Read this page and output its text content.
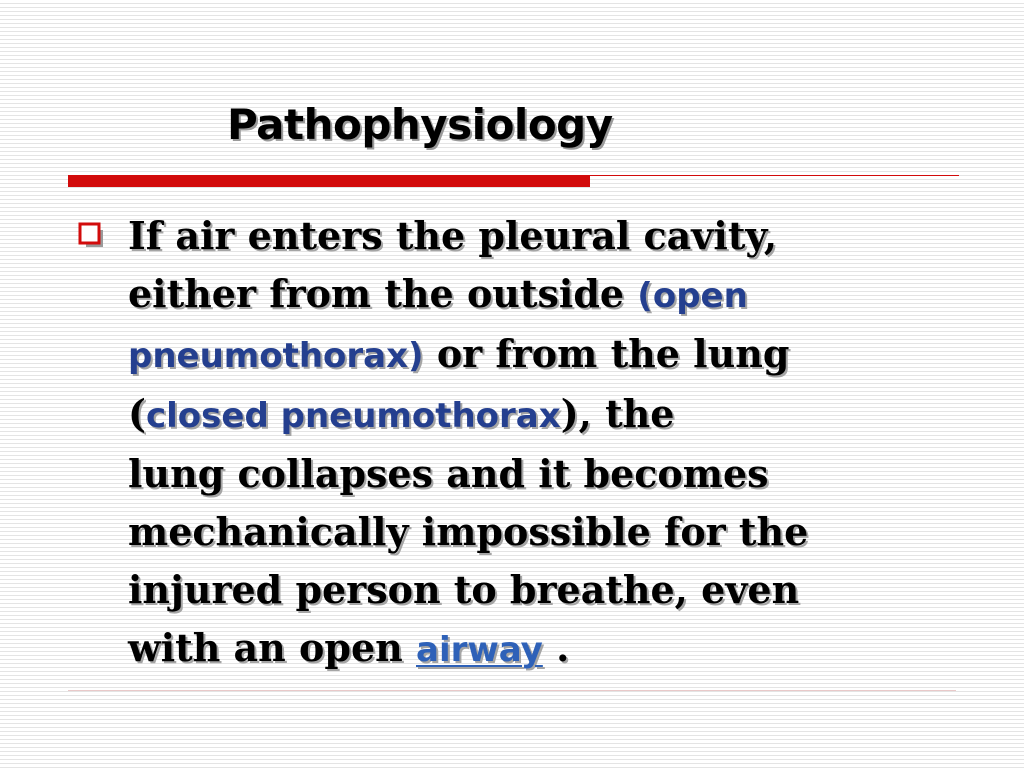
Pathophysiology

If air enters the pleural cavity,
either from the outside (open
pneumothorax) or from the lung
(closed pneumothorax), the
lung collapses and it becomes
mechanically impossible for the
injured person to breathe, even
with an open airway .
